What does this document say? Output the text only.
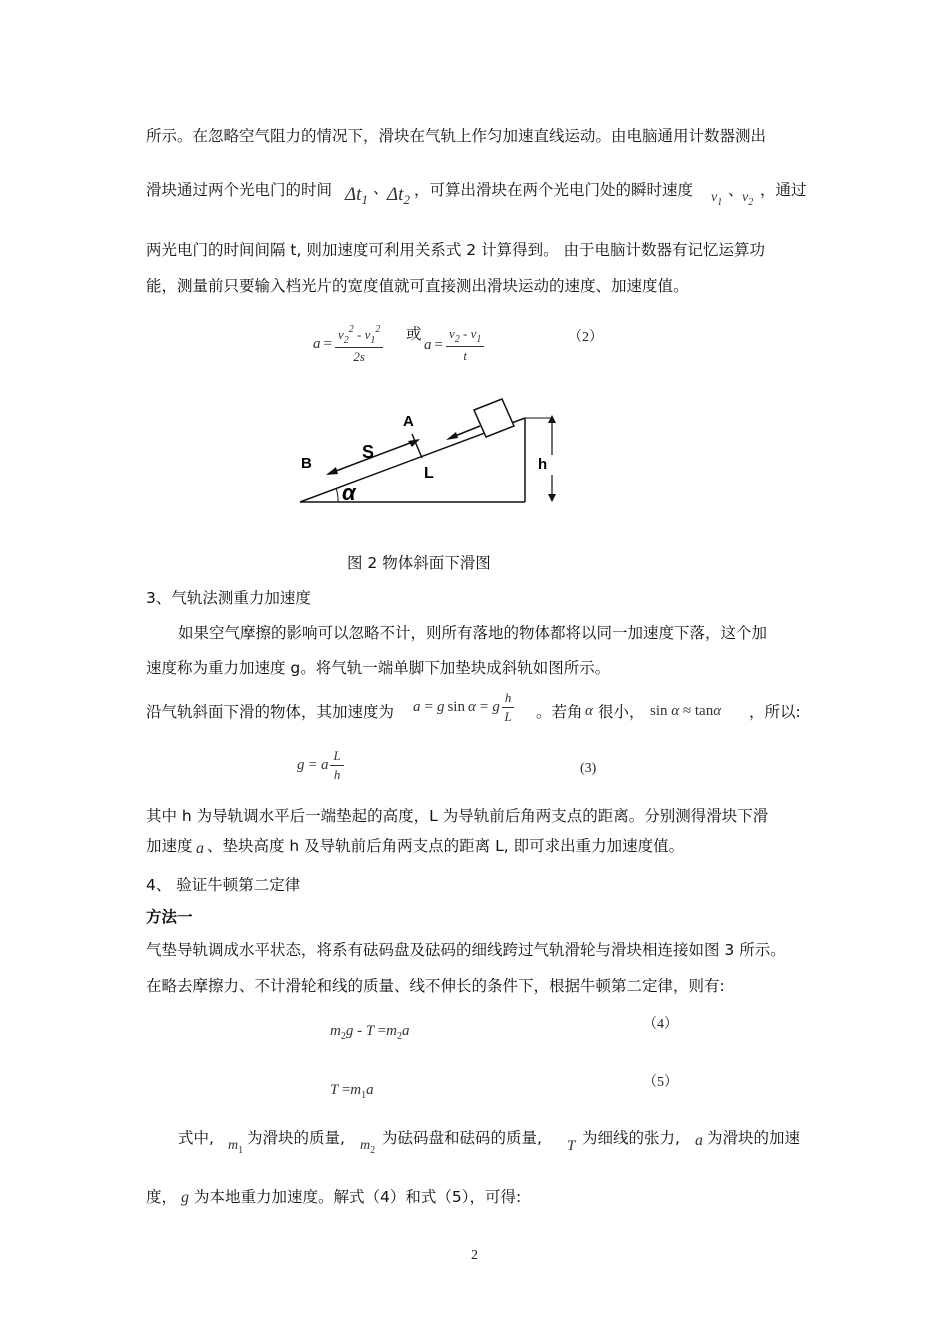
所示。在忽略空气阻力的情况下，滑块在气轨上作匀加速直线运动。由电脑通用计数器测出
滑块通过两个光电门的时间 $\Delta t_1$
、
$\Delta t_2$
，可算出滑块在两个光电门处的瞬时速度 $v_1$
、
$v_2$
，通过
两光电门的时间间隔 t, 则加速度可利用关系式 2 计算得到。 由于电脑计数器有记忆运算功
能，测量前只要输入档光片的宽度值就可直接测出滑块运动的速度、加速度值。
$a = \frac{v_2^2 - v_1^2}{2s}$ 或
$a = \frac{v_2 - v_1}{t}$	（2）
A
B
S
L
h
α
图 2 物体斜面下滑图
3、气轨法测重力加速度
如果空气摩擦的影响可以忽略不计，则所有落地的物体都将以同一加速度下落，这个加
速度称为重力加速度 g。将气轨一端单脚下加垫块成斜轨如图所示。
沿气轨斜面下滑的物体，其加速度为 a = g sin α = g $\frac{h}{L}$ 。若角 α 很小， sin α ≈ tanα ，所以:
g = a $\frac{L}{h}$	(3)
其中 h 为导轨调水平后一端垫起的高度，L 为导轨前后角两支点的距离。分别测得滑块下滑
加速度 a 、垫块高度 h 及导轨前后角两支点的距离 L, 即可求出重力加速度值。
4、 验证牛顿第二定律
方法一
气垫导轨调成水平状态，将系有砝码盘及砝码的细线跨过气轨滑轮与滑块相连接如图 3 所示。
在略去摩擦力、不计滑轮和线的质量、线不伸长的条件下，根据牛顿第二定律，则有:
$m_2g - T =m_2a$	（4）
$T =m_1a$	（5）
式中, $m_1$
为滑块的质量, $m_2$
为砝码盘和砝码的质量, T 为细线的张力, a 为滑块的加速
度， g 为本地重力加速度。解式（4）和式（5），可得:
2
